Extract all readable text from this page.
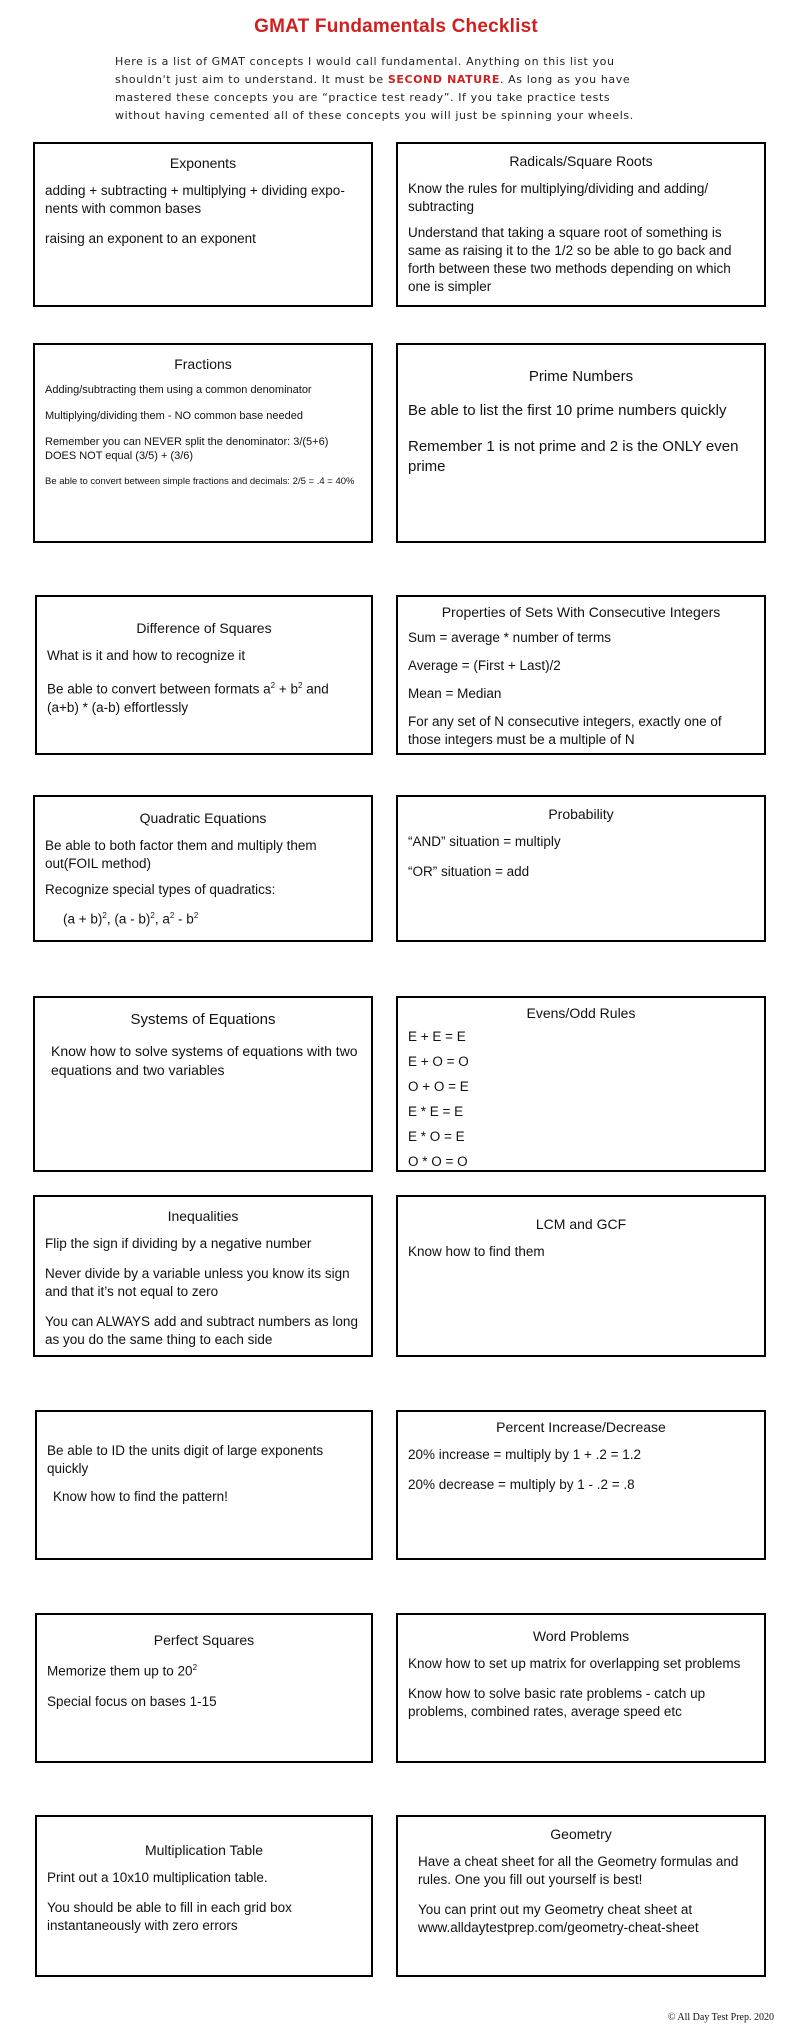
GMAT Fundamentals Checklist
Here is a list of GMAT concepts I would call fundamental. Anything on this list you shouldn't just aim to understand. It must be SECOND NATURE. As long as you have mastered these concepts you are “practice test ready”. If you take practice tests without having cemented all of these concepts you will just be spinning your wheels.
Exponents

adding + subtracting + multiplying + dividing expo-nents with common bases

raising an exponent to an exponent

Radicals/Square Roots

Know the rules for multiplying/dividing and adding/ subtracting

Understand that taking a square root of something is same as raising it to the 1/2 so be able to go back and forth between these two methods depending on which one is simpler

Fractions

Adding/subtracting them using a common denominator

Multiplying/dividing them - NO common base needed

Remember you can NEVER split the denominator: 3/(5+6) DOES NOT equal (3/5) + (3/6)

Be able to convert between simple fractions and decimals: 2/5 = .4 = 40%

Prime Numbers

Be able to list the first 10 prime numbers quickly

Remember 1 is not prime and 2 is the ONLY even prime

Difference of Squares

What is it and how to recognize it

Be able to convert between formats $a^2 + b^2$ and (a+b) * (a-b) effortlessly

Properties of Sets With Consecutive Integers

Sum = average * number of terms

Average = (First + Last)/2

Mean = Median

For any set of N consecutive integers, exactly one of those integers must be a multiple of N

Quadratic Equations

Be able to both factor them and multiply them out(FOIL method)

Recognize special types of quadratics:

$(a + b)^2$, (a - b)$^2$, $a^2 - b^2$

Probability

“AND” situation = multiply

“OR” situation = add

Systems of Equations

Know how to solve systems of equations with two equations and two variables

Evens/Odd Rules

E + E = E

E + O = O

O + O = E

E * E = E

E * O = E

O * O = O

Inequalities

Flip the sign if dividing by a negative number

Never divide by a variable unless you know its sign and that it’s not equal to zero

You can ALWAYS add and subtract numbers as long as you do the same thing to each side

LCM and GCF

Know how to find them

Be able to ID the units digit of large exponents quickly

Know how to find the pattern!

Percent Increase/Decrease

20% increase = multiply by 1 + .2 = 1.2

20% decrease = multiply by 1 - .2 = .8

Perfect Squares

Memorize them up to $20^2$

Special focus on bases 1-15

Word Problems

Know how to set up matrix for overlapping set problems

Know how to solve basic rate problems - catch up problems, combined rates, average speed etc

Multiplication Table

Print out a 10x10 multiplication table.

You should be able to fill in each grid box instantaneously with zero errors

Geometry

Have a cheat sheet for all the Geometry formulas and rules. One you fill out yourself is best!

You can print out my Geometry cheat sheet at www.alldaytestprep.com/geometry-cheat-sheet

© All Day Test Prep. 2020
